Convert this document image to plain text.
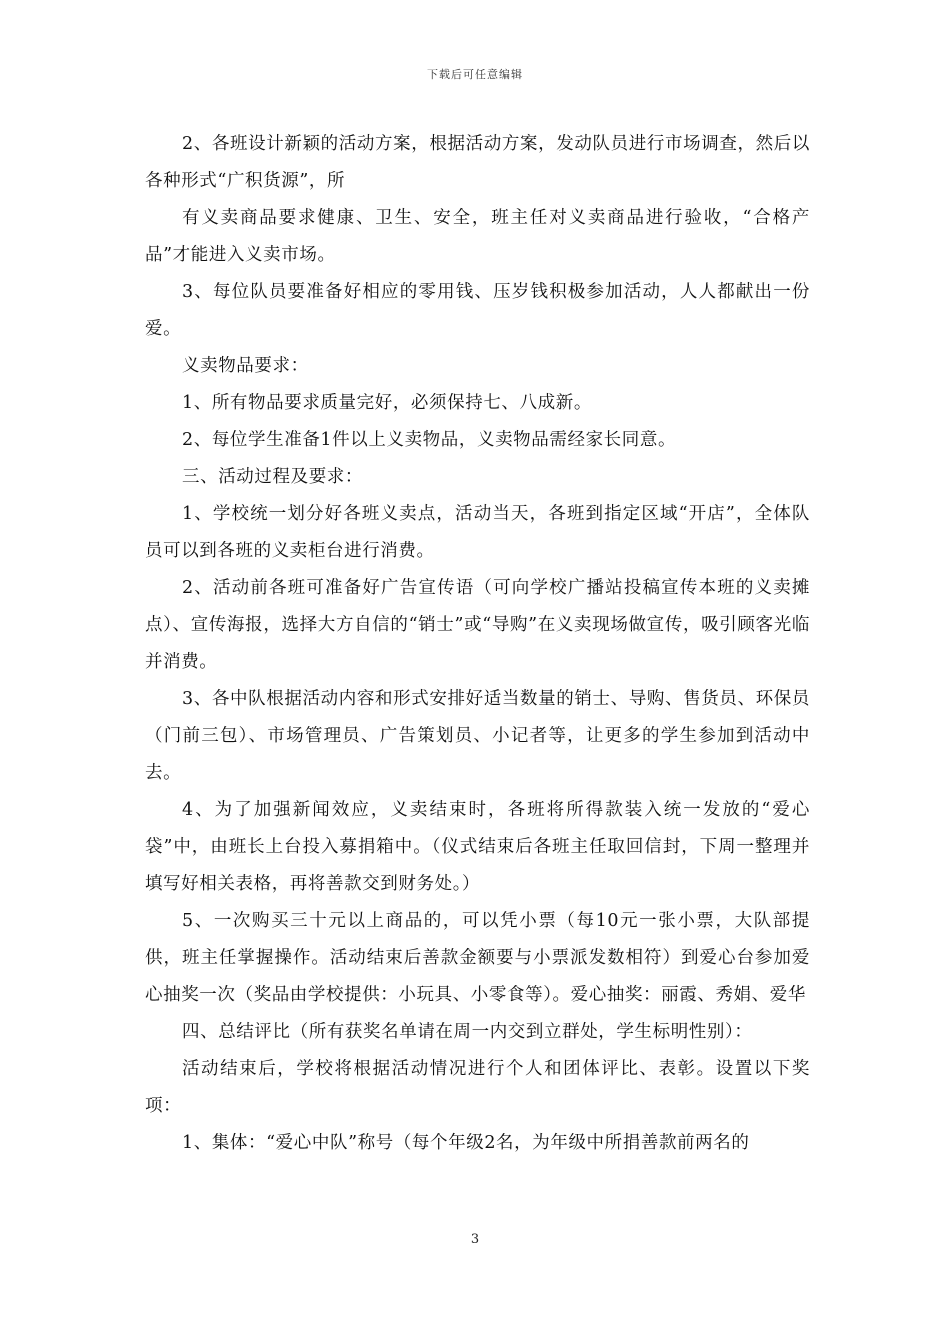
下载后可任意编辑

2、各班设计新颖的活动方案，根据活动方案，发动队员进行市场调查，然后以各种形式“广积货源”，所

有义卖商品要求健康、卫生、安全，班主任对义卖商品进行验收，“合格产品”才能进入义卖市场。

3、每位队员要准备好相应的零用钱、压岁钱积极参加活动，人人都献出一份爱。

义卖物品要求：

1、所有物品要求质量完好，必须保持七、八成新。

2、每位学生准备1件以上义卖物品，义卖物品需经家长同意。

三、活动过程及要求：

1、学校统一划分好各班义卖点，活动当天，各班到指定区域“开店”，全体队员可以到各班的义卖柜台进行消费。

2、活动前各班可准备好广告宣传语（可向学校广播站投稿宣传本班的义卖摊点）、宣传海报，选择大方自信的“销士”或“导购”在义卖现场做宣传，吸引顾客光临并消费。

3、各中队根据活动内容和形式安排好适当数量的销士、导购、售货员、环保员（门前三包）、市场管理员、广告策划员、小记者等，让更多的学生参加到活动中去。

4、为了加强新闻效应，义卖结束时，各班将所得款装入统一发放的“爱心袋”中，由班长上台投入募捐箱中。（仪式结束后各班主任取回信封，下周一整理并填写好相关表格，再将善款交到财务处。）

5、一次购买三十元以上商品的，可以凭小票（每10元一张小票，大队部提供，班主任掌握操作。活动结束后善款金额要与小票派发数相符）到爱心台参加爱心抽奖一次（奖品由学校提供：小玩具、小零食等）。爱心抽奖：丽霞、秀娟、爱华

四、总结评比（所有获奖名单请在周一内交到立群处，学生标明性别）：

活动结束后，学校将根据活动情况进行个人和团体评比、表彰。设置以下奖项：

1、集体：“爱心中队”称号（每个年级2名，为年级中所捐善款前两名的

3
